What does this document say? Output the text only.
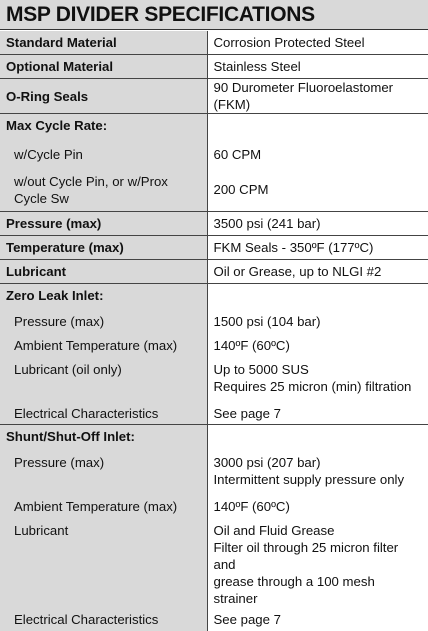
MSP DIVIDER SPECIFICATIONS
Standard Material	Corrosion Protected Steel
Optional Material	Stainless Steel
O-Ring Seals	90 Durometer Fluoroelastomer (FKM)
Max Cycle Rate:	
w/Cycle Pin	60 CPM
w/out Cycle Pin, or w/Prox Cycle Sw	200 CPM
Pressure (max)	3500 psi (241 bar)
Temperature (max)	FKM Seals - 350ºF (177ºC)
Lubricant	Oil or Grease, up to NLGI #2
Zero Leak Inlet:	
Pressure (max)	1500 psi (104 bar)
Ambient Temperature (max)	140ºF (60ºC)
Lubricant (oil only)	Up to 5000 SUS
Requires 25 micron (min) filtration

Electrical Characteristics	See page 7
Shunt/Shut-Off Inlet:	
Pressure (max)	3000 psi (207 bar)
Intermittent supply pressure only

Ambient Temperature (max)	140ºF (60ºC)
Lubricant	Oil and Fluid Grease
Filter oil through 25 micron filter and
grease through a 100 mesh strainer

Electrical Characteristics	See page 7
